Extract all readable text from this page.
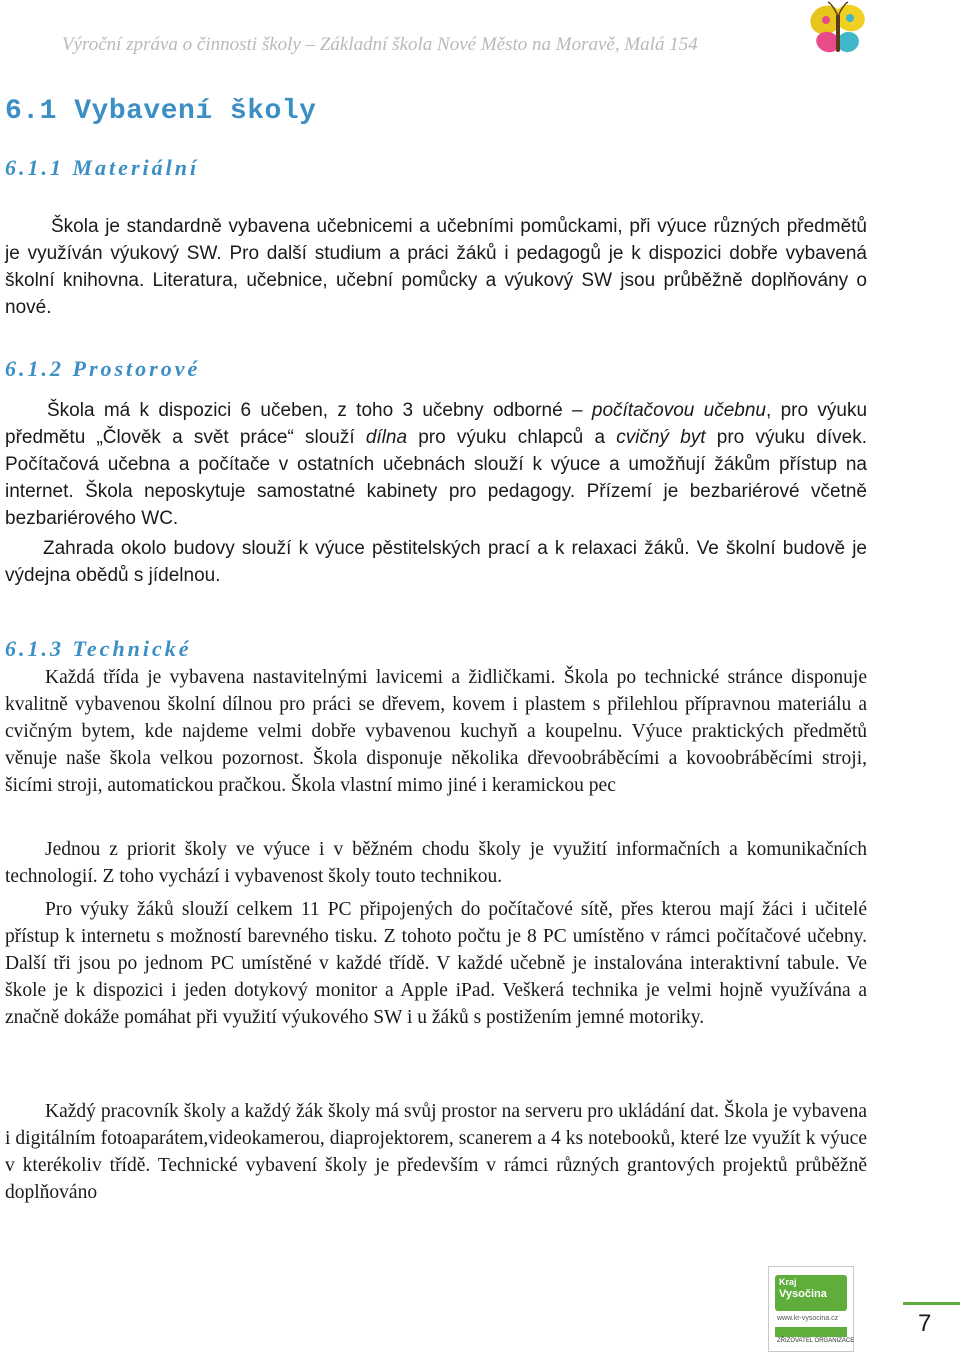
Výroční zpráva o činnosti školy – Základní škola Nové Město na Moravě, Malá 154
6.1 Vybavení školy
6.1.1 Materiální
Škola je standardně vybavena učebnicemi a učebními pomůckami, při výuce různých předmětů je využíván výukový SW. Pro další studium a práci žáků i pedagogů je k dispozici dobře vybavená školní knihovna. Literatura, učebnice, učební pomůcky a výukový SW jsou průběžně doplňovány o nové.
6.1.2 Prostorové
Škola má k dispozici 6 učeben, z toho 3 učebny odborné – počítačovou učebnu, pro výuku předmětu „Člověk a svět práce“ slouží dílna pro výuku chlapců a cvičný byt pro výuku dívek. Počítačová učebna a počítače v ostatních učebnách slouží k výuce a umožňují žákům přístup na internet. Škola neposkytuje samostatné kabinety pro pedagogy. Přízemí je bezbariérové včetně bezbariérového WC.
Zahrada okolo budovy slouží k výuce pěstitelských prací a k relaxaci žáků. Ve školní budově je výdejna obědů s jídelnou.
6.1.3 Technické
Každá třída je vybavena nastavitelnými lavicemi a židličkami. Škola po technické stránce disponuje kvalitně vybavenou školní dílnou pro práci se dřevem, kovem i plastem s přilehlou přípravnou materiálu a cvičným bytem, kde najdeme velmi dobře vybavenou kuchyň a koupelnu. Výuce praktických předmětů věnuje naše škola velkou pozornost. Škola disponuje několika dřevoobráběcími a kovoobráběcími stroji, šicími stroji, automatickou pračkou. Škola vlastní mimo jiné i keramickou pec
Jednou z priorit školy ve výuce i v běžném chodu školy je využití informačních a komunikačních technologií. Z toho vychází i vybavenost školy touto technikou.
Pro výuky žáků slouží celkem 11 PC připojených do počítačové sítě, přes kterou mají žáci i učitelé přístup k internetu s možností barevného tisku. Z tohoto počtu je 8 PC umístěno v rámci počítačové učebny. Další tři jsou po jednom PC umístěné v každé třídě. V každé učebně je instalována interaktivní tabule. Ve škole je k dispozici i jeden dotykový monitor a Apple iPad. Veškerá technika je velmi hojně využívána a značně dokáže pomáhat při využití výukového SW i u žáků s postižením jemné motoriky.
Každý pracovník školy a každý žák školy má svůj prostor na serveru pro ukládání dat. Škola je vybavena i digitálním fotoaparátem,videokamerou, diaprojektorem, scanerem a 4 ks notebooků, které lze využít k výuce v kterékoliv třídě. Technické vybavení školy je především v rámci různých grantových projektů průběžně doplňováno
Kraj
Vysočina
www.kr-vysocina.cz
ZŘIZOVATEL ORGANIZACE
7
